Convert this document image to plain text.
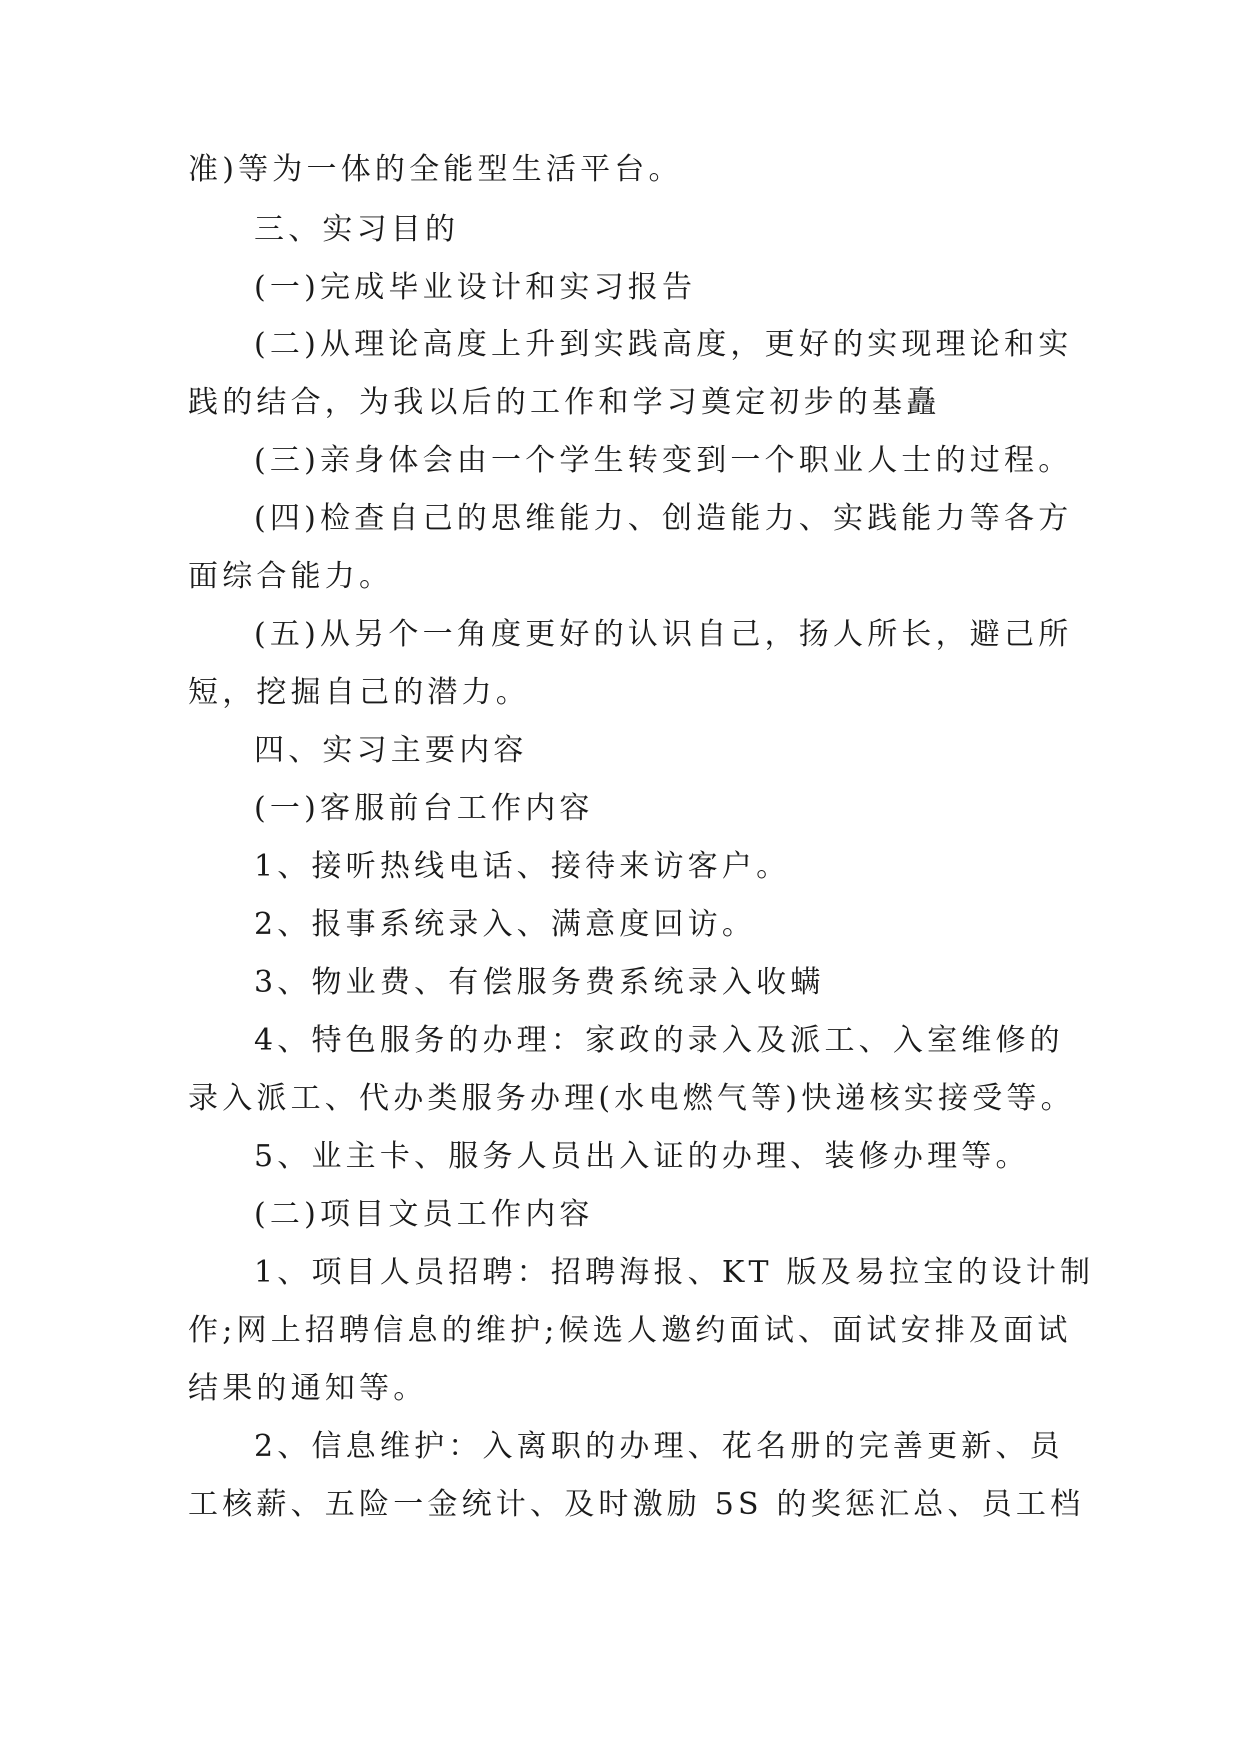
准)等为一体的全能型生活平台。
三、实习目的
(一)完成毕业设计和实习报告
(二)从理论高度上升到实践高度，更好的实现理论和实
践的结合，为我以后的工作和学习奠定初步的基矗
(三)亲身体会由一个学生转变到一个职业人士的过程。
(四)检查自己的思维能力、创造能力、实践能力等各方
面综合能力。
(五)从另个一角度更好的认识自己，扬人所长，避己所
短，挖掘自己的潜力。
四、实习主要内容
(一)客服前台工作内容
1、接听热线电话、接待来访客户。
2、报事系统录入、满意度回访。
3、物业费、有偿服务费系统录入收螨
4、特色服务的办理：家政的录入及派工、入室维修的
录入派工、代办类服务办理(水电燃气等)快递核实接受等。
5、业主卡、服务人员出入证的办理、装修办理等。
(二)项目文员工作内容
1、项目人员招聘：招聘海报、KT 版及易拉宝的设计制
作;网上招聘信息的维护;候选人邀约面试、面试安排及面试
结果的通知等。
2、信息维护：入离职的办理、花名册的完善更新、员
工核薪、五险一金统计、及时激励 5S 的奖惩汇总、员工档
